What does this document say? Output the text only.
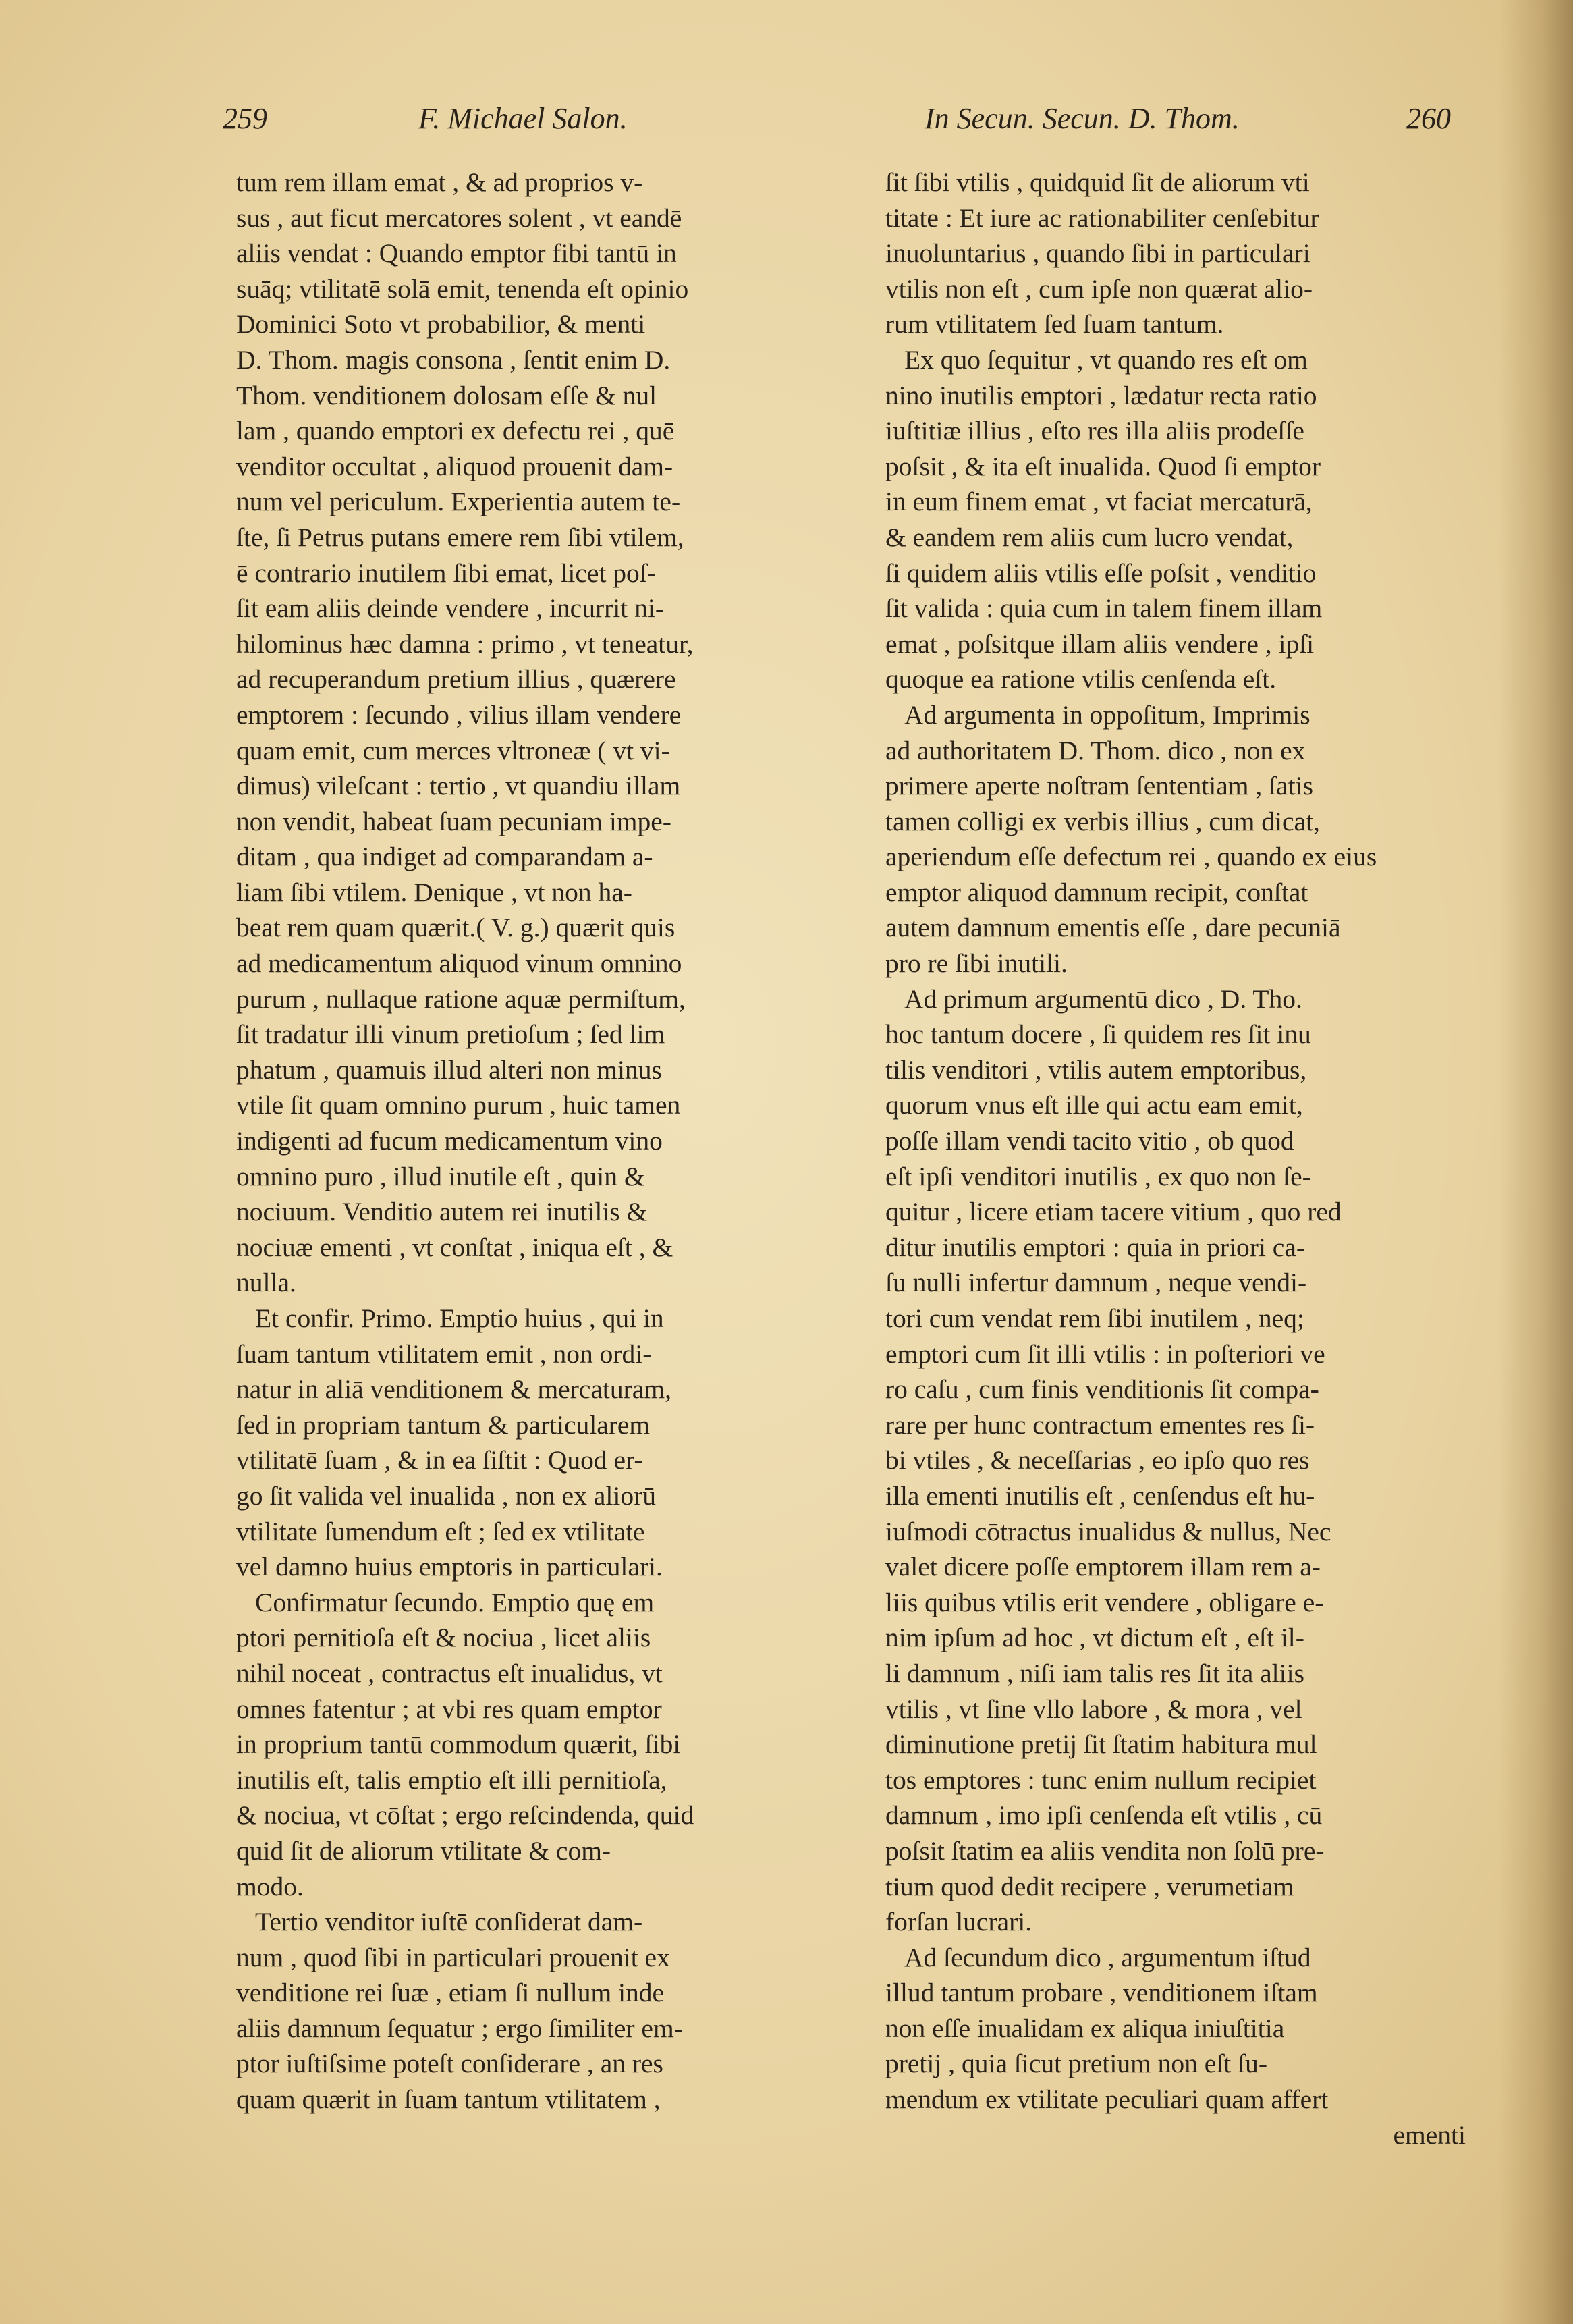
259	F. Michael Salon.	In Secun. Secun. D. Thom.	260
tum rem illam emat , & ad proprios v-
sus , aut ficut mercatores solent , vt eandē
aliis vendat : Quando emptor fibi tantū in
suāq; vtilitatē solā emit, tenenda eſt opinio
Dominici Soto vt probabilior, & menti
D. Thom. magis consona , ſentit enim D.
Thom. venditionem dolosam eſſe & nul
lam , quando emptori ex defectu rei , quē
venditor occultat , aliquod prouenit dam-
num vel periculum. Experientia autem te-
ſte, ſi Petrus putans emere rem ſibi vtilem,
ē contrario inutilem ſibi emat, licet poſ-
ſit eam aliis deinde vendere , incurrit ni-
hilominus hæc damna : primo , vt teneatur,
ad recuperandum pretium illius , quærere
emptorem : ſecundo , vilius illam vendere
quam emit, cum merces vltroneæ ( vt vi-
dimus) vileſcant : tertio , vt quandiu illam
non vendit, habeat ſuam pecuniam impe-
ditam , qua indiget ad comparandam a-
liam ſibi vtilem. Denique , vt non ha-
beat rem quam quærit.( V. g.) quærit quis
ad medicamentum aliquod vinum omnino
purum , nullaque ratione aquæ permiſtum,
ſit tradatur illi vinum pretioſum ; ſed lim
phatum , quamuis illud alteri non minus
vtile ſit quam omnino purum , huic tamen
indigenti ad fucum medicamentum vino
omnino puro , illud inutile eſt , quin &
nociuum. Venditio autem rei inutilis &
nociuæ ementi , vt conſtat , iniqua eſt , &
nulla.
Et confir. Primo. Emptio huius , qui in
ſuam tantum vtilitatem emit , non ordi-
natur in aliā venditionem & mercaturam,
ſed in propriam tantum & particularem
vtilitatē ſuam , & in ea ſiſtit : Quod er-
go ſit valida vel inualida , non ex aliorū
vtilitate ſumendum eſt ; ſed ex vtilitate
vel damno huius emptoris in particulari.
Confirmatur ſecundo. Emptio quę em
ptori pernitioſa eſt & nociua , licet aliis
nihil noceat , contractus eſt inualidus, vt
omnes fatentur ; at vbi res quam emptor
in proprium tantū commodum quærit, ſibi
inutilis eſt, talis emptio eſt illi pernitioſa,
& nociua, vt cōſtat ; ergo reſcindenda, quid
quid ſit de aliorum vtilitate & com-
modo.
Tertio venditor iuſtē conſiderat dam-
num , quod ſibi in particulari prouenit ex
venditione rei ſuæ , etiam ſi nullum inde
aliis damnum ſequatur ; ergo ſimiliter em-
ptor iuſtiſsime poteſt conſiderare , an res
quam quærit in ſuam tantum vtilitatem ,
ſit ſibi vtilis , quidquid ſit de aliorum vti
titate : Et iure ac rationabiliter cenſebitur
inuoluntarius , quando ſibi in particulari
vtilis non eſt , cum ipſe non quærat alio-
rum vtilitatem ſed ſuam tantum.
Ex quo ſequitur , vt quando res eſt om
nino inutilis emptori , lædatur recta ratio
iuſtitiæ illius , eſto res illa aliis prodeſſe
poſsit , & ita eſt inualida. Quod ſi emptor
in eum finem emat , vt faciat mercaturā,
& eandem rem aliis cum lucro vendat,
ſi quidem aliis vtilis eſſe poſsit , venditio
ſit valida : quia cum in talem finem illam
emat , poſsitque illam aliis vendere , ipſi
quoque ea ratione vtilis cenſenda eſt.
Ad argumenta in oppoſitum, Imprimis
ad authoritatem D. Thom. dico , non ex
primere aperte noſtram ſententiam , ſatis
tamen colligi ex verbis illius , cum dicat,
aperiendum eſſe defectum rei , quando ex eius
emptor aliquod damnum recipit, conſtat
autem damnum ementis eſſe , dare pecuniā
pro re ſibi inutili.
Ad primum argumentū dico , D. Tho.
hoc tantum docere , ſi quidem res ſit inu
tilis venditori , vtilis autem emptoribus,
quorum vnus eſt ille qui actu eam emit,
poſſe illam vendi tacito vitio , ob quod
eſt ipſi venditori inutilis , ex quo non ſe-
quitur , licere etiam tacere vitium , quo red
ditur inutilis emptori : quia in priori ca-
ſu nulli infertur damnum , neque vendi-
tori cum vendat rem ſibi inutilem , neq;
emptori cum ſit illi vtilis : in poſteriori ve
ro caſu , cum finis venditionis ſit compa-
rare per hunc contractum ementes res ſi-
bi vtiles , & neceſſarias , eo ipſo quo res
illa ementi inutilis eſt , cenſendus eſt hu-
iuſmodi cōtractus inualidus & nullus, Nec
valet dicere poſſe emptorem illam rem a-
liis quibus vtilis erit vendere , obligare e-
nim ipſum ad hoc , vt dictum eſt , eſt il-
li damnum , niſi iam talis res ſit ita aliis
vtilis , vt ſine vllo labore , & mora , vel
diminutione pretij ſit ſtatim habitura mul
tos emptores : tunc enim nullum recipiet
damnum , imo ipſi cenſenda eſt vtilis , cū
poſsit ſtatim ea aliis vendita non ſolū pre-
tium quod dedit recipere , verumetiam
forſan lucrari.
Ad ſecundum dico , argumentum iſtud
illud tantum probare , venditionem iſtam
non eſſe inualidam ex aliqua iniuſtitia
pretij , quia ſicut pretium non eſt ſu-
mendum ex vtilitate peculiari quam affert
ementi
